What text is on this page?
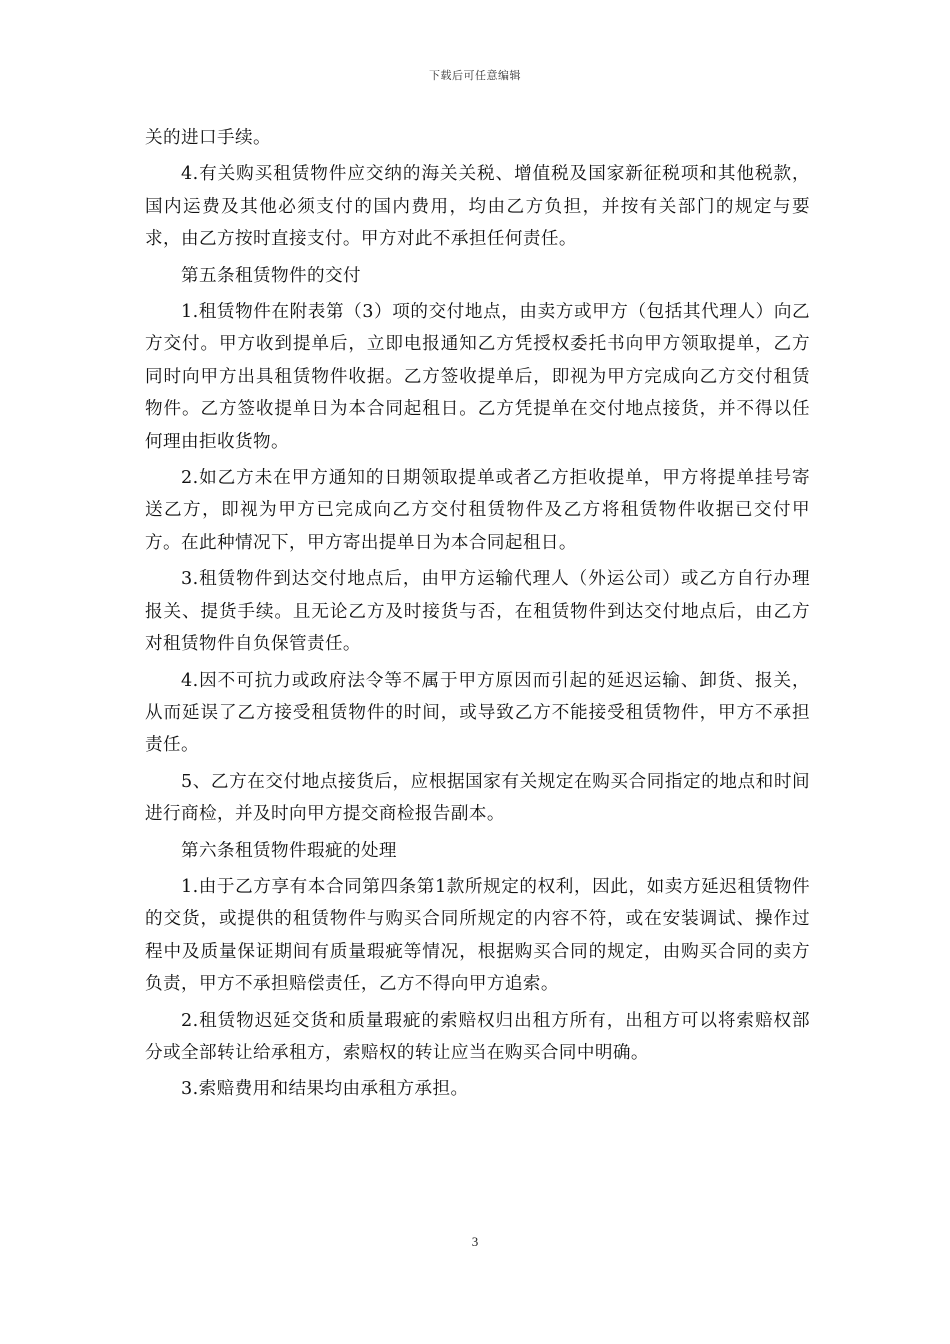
下载后可任意编辑

关的进口手续。

4.有关购买租赁物件应交纳的海关关税、增值税及国家新征税项和其他税款，国内运费及其他必须支付的国内费用，均由乙方负担，并按有关部门的规定与要求，由乙方按时直接支付。甲方对此不承担任何责任。

第五条租赁物件的交付

1.租赁物件在附表第（3）项的交付地点，由卖方或甲方（包括其代理人）向乙方交付。甲方收到提单后，立即电报通知乙方凭授权委托书向甲方领取提单，乙方同时向甲方出具租赁物件收据。乙方签收提单后，即视为甲方完成向乙方交付租赁物件。乙方签收提单日为本合同起租日。乙方凭提单在交付地点接货，并不得以任何理由拒收货物。

2.如乙方未在甲方通知的日期领取提单或者乙方拒收提单，甲方将提单挂号寄送乙方，即视为甲方已完成向乙方交付租赁物件及乙方将租赁物件收据已交付甲方。在此种情况下，甲方寄出提单日为本合同起租日。

3.租赁物件到达交付地点后，由甲方运输代理人（外运公司）或乙方自行办理报关、提货手续。且无论乙方及时接货与否，在租赁物件到达交付地点后，由乙方对租赁物件自负保管责任。

4.因不可抗力或政府法令等不属于甲方原因而引起的延迟运输、卸货、报关，从而延误了乙方接受租赁物件的时间，或导致乙方不能接受租赁物件，甲方不承担责任。

5、乙方在交付地点接货后，应根据国家有关规定在购买合同指定的地点和时间进行商检，并及时向甲方提交商检报告副本。

第六条租赁物件瑕疵的处理

1.由于乙方享有本合同第四条第1款所规定的权利，因此，如卖方延迟租赁物件的交货，或提供的租赁物件与购买合同所规定的内容不符，或在安装调试、操作过程中及质量保证期间有质量瑕疵等情况，根据购买合同的规定，由购买合同的卖方负责，甲方不承担赔偿责任，乙方不得向甲方追索。

2.租赁物迟延交货和质量瑕疵的索赔权归出租方所有，出租方可以将索赔权部分或全部转让给承租方，索赔权的转让应当在购买合同中明确。

3.索赔费用和结果均由承租方承担。

3
